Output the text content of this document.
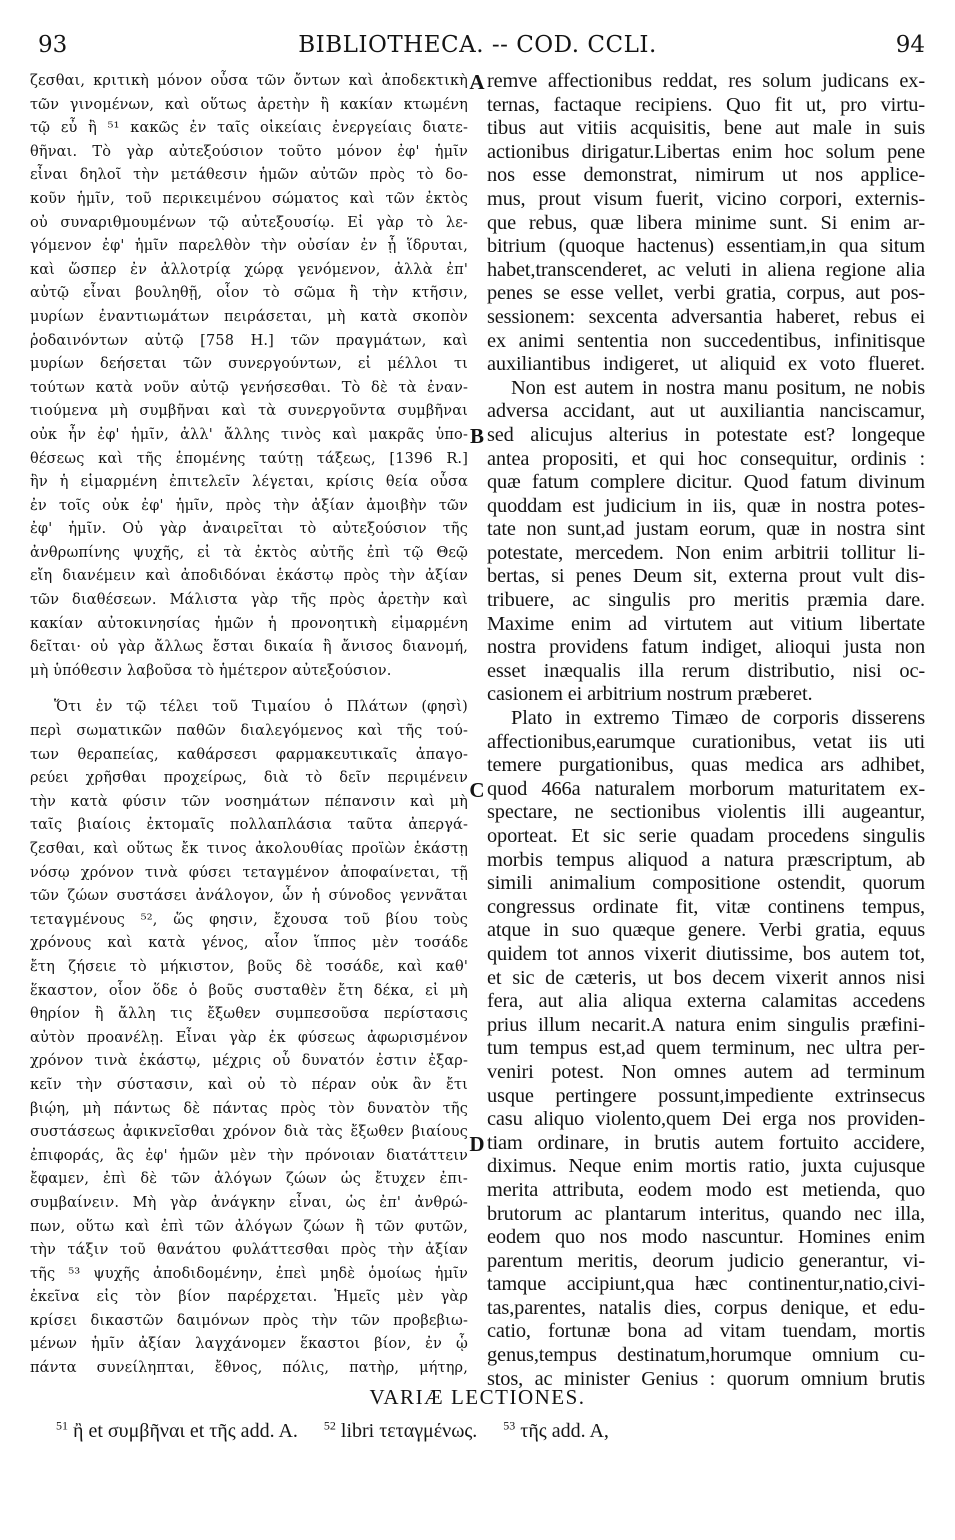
93	BIBLIOTHECA. -- COD. CCLI.	94
ζεσθαι, κριτικὴ μόνον οὖσα τῶν ὄντων καὶ ἀποδεκτικὴ
τῶν γινομένων, καὶ οὕτως ἀρετὴν ἢ κακίαν κτωμένη
τῷ εὖ ἢ ⁵¹ κακῶς ἐν ταῖς οἰκείαις ἐνεργείαις διατε-
θῆναι. Τὸ γὰρ αὐτεξούσιον τοῦτο μόνον ἐφ' ἡμῖν
εἶναι δηλοῖ τὴν μετάθεσιν ἡμῶν αὐτῶν πρὸς τὸ δο-
κοῦν ἡμῖν, τοῦ περικειμένου σώματος καὶ τῶν ἐκτὸς
οὐ συναριθμουμένων τῷ αὐτεξουσίῳ. Εἰ γὰρ τὸ λε-
γόμενον ἐφ' ἡμῖν παρελθὸν τὴν οὐσίαν ἐν ᾗ ἵδρυται,
καὶ ὥσπερ ἐν ἀλλοτρίᾳ χώρᾳ γενόμενον, ἀλλὰ ἐπ'
αὐτῷ εἶναι βουληθῇ, οἷον τὸ σῶμα ἢ τὴν κτῆσιν,
μυρίων ἐναντιωμάτων πειράσεται, μὴ κατὰ σκοπὸν
ῥοδαινόντων αὐτῷ [758 H.] τῶν πραγμάτων, καὶ
μυρίων δεήσεται τῶν συνεργούντων, εἰ μέλλοι τι
τούτων κατὰ νοῦν αὐτῷ γενήσεσθαι. Τὸ δὲ τὰ ἐναν-
τιούμενα μὴ συμβῆναι καὶ τὰ συνεργοῦντα συμβῆναι
οὐκ ἦν ἐφ' ἡμῖν, ἀλλ' ἄλλης τινὸς καὶ μακρᾶς ὑπο-
θέσεως καὶ τῆς ἑπομένης ταύτῃ τάξεως, [1396 R.]
ἣν ἡ εἱμαρμένη ἐπιτελεῖν λέγεται, κρίσις θεία οὖσα
ἐν τοῖς οὐκ ἐφ' ἡμῖν, πρὸς τὴν ἀξίαν ἀμοιβὴν τῶν
ἐφ' ἡμῖν. Οὐ γὰρ ἀναιρεῖται τὸ αὐτεξούσιον τῆς
ἀνθρωπίνης ψυχῆς, εἰ τὰ ἐκτὸς αὐτῆς ἐπὶ τῷ Θεῷ
εἴη διανέμειν καὶ ἀποδιδόναι ἑκάστῳ πρὸς τὴν ἀξίαν
τῶν διαθέσεων. Μάλιστα γὰρ τῆς πρὸς ἀρετὴν καὶ
κακίαν αὐτοκινησίας ἡμῶν ἡ προνοητικὴ εἱμαρμένη
δεῖται· οὐ γὰρ ἄλλως ἔσται δικαία ἢ ἄνισος διανομή,
μὴ ὑπόθεσιν λαβοῦσα τὸ ἡμέτερον αὐτεξούσιον.
Ὅτι ἐν τῷ τέλει τοῦ Τιμαίου ὁ Πλάτων (φησὶ)
περὶ σωματικῶν παθῶν διαλεγόμενος καὶ τῆς τού-
των θεραπείας, καθάρσεσι φαρμακευτικαῖς ἀπαγο-
ρεύει χρῆσθαι προχείρως, διὰ τὸ δεῖν περιμένειν
τὴν κατὰ φύσιν τῶν νοσημάτων πέπανσιν καὶ μὴ
ταῖς βιαίοις ἐκτομαῖς πολλαπλάσια ταῦτα ἀπεργά-
ζεσθαι, καὶ οὕτως ἔκ τινος ἀκολουθίας προϊὼν ἑκάστῃ
νόσῳ χρόνον τινὰ φύσει τεταγμένον ἀποφαίνεται, τῇ
τῶν ζώων συστάσει ἀνάλογον, ὧν ἡ σύνοδος γεννᾶται
τεταγμένους ⁵², ὥς φησιν, ἔχουσα τοῦ βίου τοὺς
χρόνους καὶ κατὰ γένος, αἷον ἵππος μὲν τοσάδε
ἔτη ζήσειε τὸ μήκιστον, βοῦς δὲ τοσάδε, καὶ καθ'
ἕκαστον, οἷον ὅδε ὁ βοῦς συσταθὲν ἔτη δέκα, εἰ μὴ
θηρίον ἢ ἄλλη τις ἔξωθεν συμπεσοῦσα περίστασις
αὐτὸν προανέλῃ. Εἶναι γὰρ ἐκ φύσεως ἀφωρισμένον
χρόνον τινὰ ἑκάστῳ, μέχρις οὗ δυνατόν ἐστιν ἐξαρ-
κεῖν τὴν σύστασιν, καὶ οὐ τὸ πέραν οὐκ ἂν ἔτι
βιῴη, μὴ πάντως δὲ πάντας πρὸς τὸν δυνατὸν τῆς
συστάσεως ἀφικνεῖσθαι χρόνον διὰ τὰς ἔξωθεν βιαίους
ἐπιφοράς, ἃς ἐφ' ἡμῶν μὲν τὴν πρόνοιαν διατάττειν
ἔφαμεν, ἐπὶ δὲ τῶν ἀλόγων ζώων ὡς ἔτυχεν ἐπι-
συμβαίνειν. Μὴ γὰρ ἀνάγκην εἶναι, ὡς ἐπ' ἀνθρώ-
πων, οὕτω καὶ ἐπὶ τῶν ἀλόγων ζώων ἢ τῶν φυτῶν,
τὴν τάξιν τοῦ θανάτου φυλάττεσθαι πρὸς τὴν ἀξίαν
τῆς ⁵³ ψυχῆς ἀποδιδομένην, ἐπεὶ μηδὲ ὁμοίως ἡμῖν
ἐκεῖνα εἰς τὸν βίον παρέρχεται. Ἡμεῖς μὲν γὰρ
κρίσει δικαστῶν δαιμόνων πρὸς τὴν τῶν προβεβιω-
μένων ἡμῖν ἀξίαν λαγχάνομεν ἕκαστοι βίον, ἐν ᾧ
πάντα συνείληπται, ἔθνος, πόλις, πατὴρ, μήτηρ,
remve affectionibus reddat, res solum judicans ex-
ternas, factaque recipiens. Quo fit ut, pro virtu-
tibus aut vitiis acquisitis, bene aut male in suis
actionibus dirigatur.Libertas enim hoc solum pene
nos esse demonstrat, nimirum ut nos applice-
mus, prout visum fuerit, vicino corpori, externis-
que rebus, quæ libera minime sunt. Si enim ar-
bitrium (quoque hactenus) essentiam,in qua situm
habet,transcenderet, ac veluti in aliena regione alia
penes se esse vellet, verbi gratia, corpus, aut pos-
sessionem: sexcenta adversantia haberet, rebus ei
ex animi sententia non succedentibus, infinitisque
auxiliantibus indigeret, ut aliquid ex voto flueret.
Non est autem in nostra manu positum, ne nobis
adversa accidant, aut ut auxiliantia nanciscamur,
sed alicujus alterius in potestate est? longeque
antea propositi, et qui hoc consequitur, ordinis :
quæ fatum complere dicitur. Quod fatum divinum
quoddam est judicium in iis, quæ in nostra potes-
tate non sunt,ad justam eorum, quæ in nostra sint
potestate, mercedem. Non enim arbitrii tollitur li-
bertas, si penes Deum sit, externa prout vult dis-
tribuere, ac singulis pro meritis præmia dare.
Maxime enim ad virtutem aut vitium libertate
nostra providens fatum indiget, alioqui justa non
esset inæqualis illa rerum distributio, nisi oc-
casionem ei arbitrium nostrum præberet.
Plato in extremo Timæo de corporis disserens
affectionibus,earumque curationibus, vetat iis uti
temere purgationibus, quas medica ars adhibet,
quod 466a naturalem morborum maturitatem ex-
spectare, ne sectionibus violentis illi augeantur,
oporteat. Et sic serie quadam procedens singulis
morbis tempus aliquod a natura præscriptum, ab
simili animalium compositione ostendit, quorum
congressus ordinate fit, vitæ continens tempus,
atque in suo quæque genere. Verbi gratia, equus
quidem tot annos vixerit diutissime, bos autem tot,
et sic de cæteris, ut bos decem vixerit annos nisi
fera, aut alia aliqua externa calamitas accedens
prius illum necarit.A natura enim singulis præfini-
tum tempus est,ad quem terminum, nec ultra per-
veniri potest. Non omnes autem ad terminum
usque pertingere possunt,impediente extrinsecus
casu aliquo violento,quem Dei erga nos providen-
tiam ordinare, in brutis autem fortuito accidere,
diximus. Neque enim mortis ratio, juxta cujusque
merita attributa, eodem modo est metienda, quo
brutorum ac plantarum interitus, quando nec illa,
eodem quo nos modo nascuntur. Homines enim
parentum meritis, deorum judicio generantur, vi-
tamque accipiunt,qua hæc continentur,natio,civi-
tas,parentes, natalis dies, corpus denique, et edu-
catio, fortunæ bona ad vitam tuendam, mortis
genus,tempus destinatum,horumque omnium cu-
stos, ac minister Genius : quorum omnium brutis
A
B
C
D
VARIÆ LECTIONES.
$^{51}$ ἢ et συμβῆναι et τῆς add. A. $^{52}$ libri τεταγμένως. $^{53}$ τῆς add. A,
